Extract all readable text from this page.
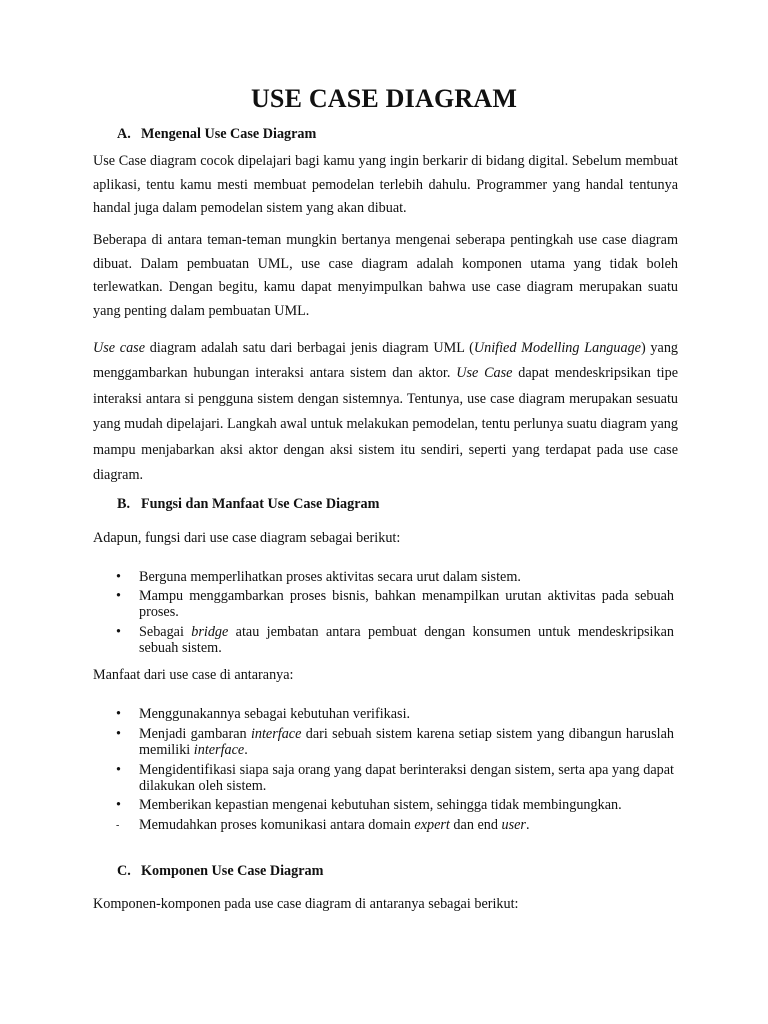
USE CASE DIAGRAM
A. Mengenal Use Case Diagram

Use Case diagram cocok dipelajari bagi kamu yang ingin berkarir di bidang digital. Sebelum membuat aplikasi, tentu kamu mesti membuat pemodelan terlebih dahulu. Programmer yang handal tentunya handal juga dalam pemodelan sistem yang akan dibuat.

Beberapa di antara teman-teman mungkin bertanya mengenai seberapa pentingkah use case diagram dibuat. Dalam pembuatan UML, use case diagram adalah komponen utama yang tidak boleh terlewatkan. Dengan begitu, kamu dapat menyimpulkan bahwa use case diagram merupakan suatu yang penting dalam pembuatan UML.

Use case diagram adalah satu dari berbagai jenis diagram UML (Unified Modelling Language) yang menggambarkan hubungan interaksi antara sistem dan aktor. Use Case dapat mendeskripsikan tipe interaksi antara si pengguna sistem dengan sistemnya. Tentunya, use case diagram merupakan sesuatu yang mudah dipelajari. Langkah awal untuk melakukan pemodelan, tentu perlunya suatu diagram yang mampu menjabarkan aksi aktor dengan aksi sistem itu sendiri, seperti yang terdapat pada use case diagram.

B. Fungsi dan Manfaat Use Case Diagram

Adapun, fungsi dari use case diagram sebagai berikut:

•	Berguna memperlihatkan proses aktivitas secara urut dalam sistem.
•	Mampu menggambarkan proses bisnis, bahkan menampilkan urutan aktivitas pada sebuah proses.
•	Sebagai bridge atau jembatan antara pembuat dengan konsumen untuk mendeskripsikan sebuah sistem.

Manfaat dari use case di antaranya:

•	Menggunakannya sebagai kebutuhan verifikasi.
•	Menjadi gambaran interface dari sebuah sistem karena setiap sistem yang dibangun haruslah memiliki interface.
•	Mengidentifikasi siapa saja orang yang dapat berinteraksi dengan sistem, serta apa yang dapat dilakukan oleh sistem.
•	Memberikan kepastian mengenai kebutuhan sistem, sehingga tidak membingungkan.
-	Memudahkan proses komunikasi antara domain expert dan end user.
C. Komponen Use Case Diagram

Komponen-komponen pada use case diagram di antaranya sebagai berikut:
